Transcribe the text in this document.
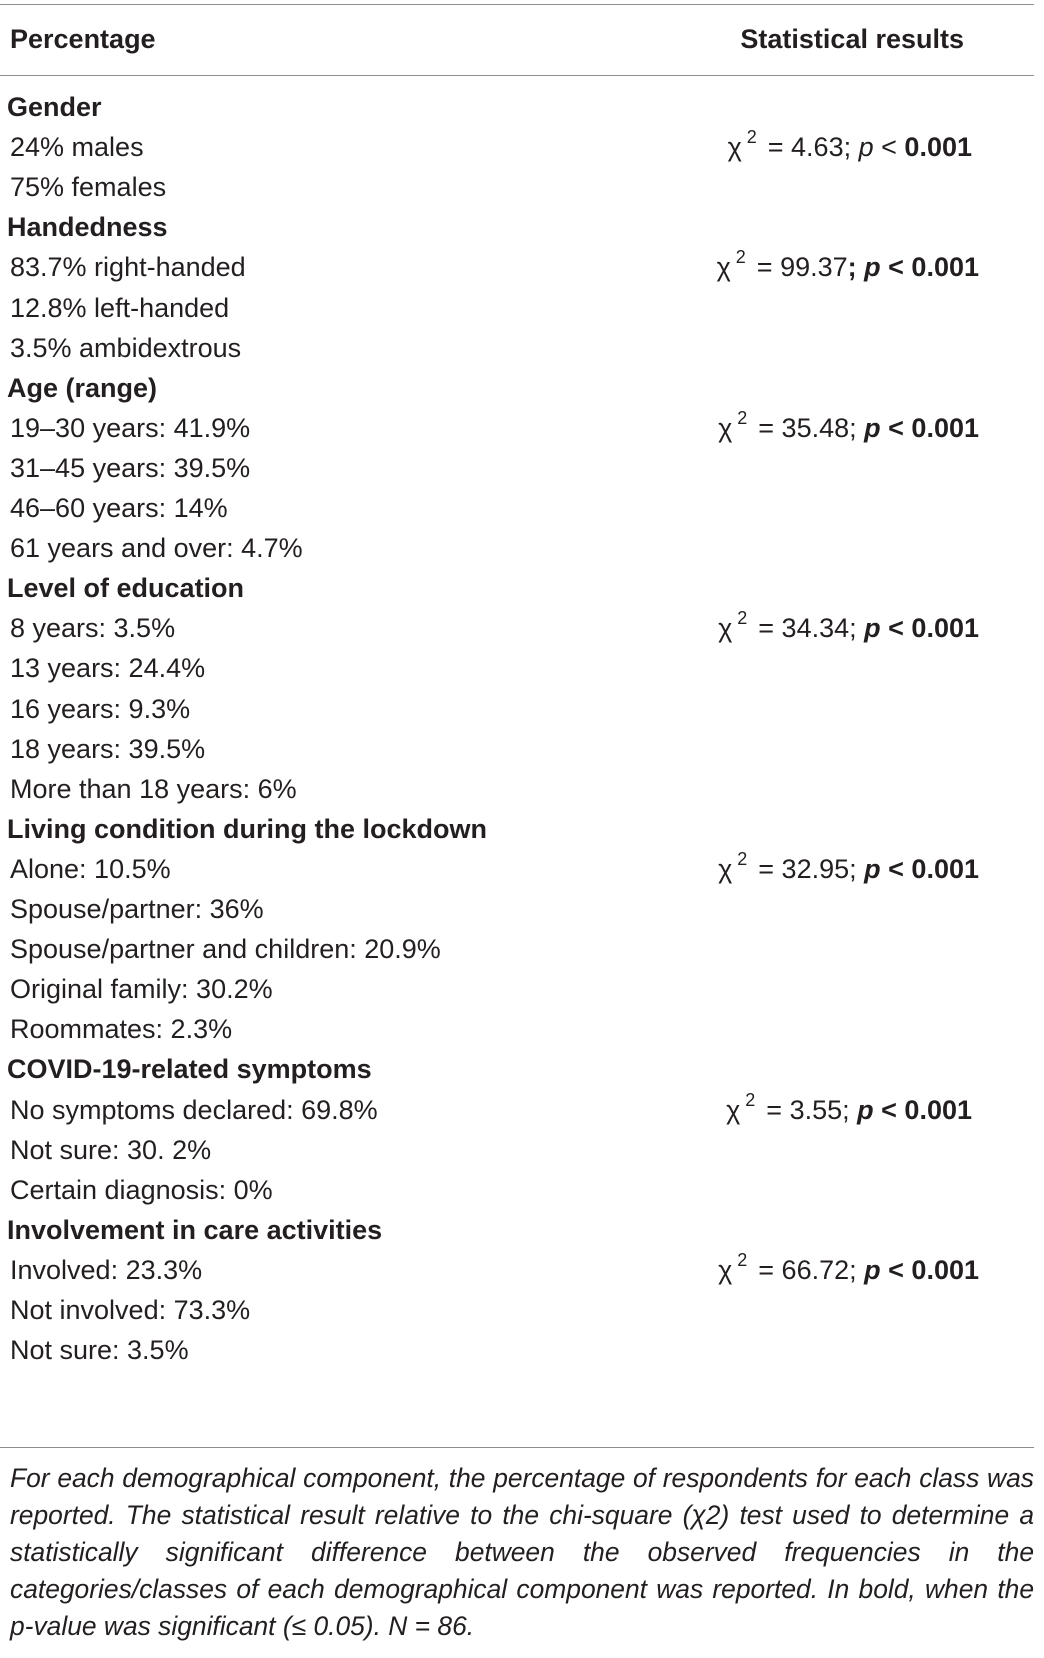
Percentage	Statistical results
Gender
24% males	χ $^2$ = 4.63; p < 0.001
75% females
Handedness
83.7% right-handed	χ $^2$ = 99.37; p < 0.001
12.8% left-handed
3.5% ambidextrous
Age (range)
19–30 years: 41.9%	χ $^2$ = 35.48; p < 0.001
31–45 years: 39.5%
46–60 years: 14%
61 years and over: 4.7%
Level of education
8 years: 3.5%	χ $^2$ = 34.34; p < 0.001
13 years: 24.4%
16 years: 9.3%
18 years: 39.5%
More than 18 years: 6%
Living condition during the lockdown
Alone: 10.5%	χ $^2$ = 32.95; p < 0.001
Spouse/partner: 36%
Spouse/partner and children: 20.9%
Original family: 30.2%
Roommates: 2.3%
COVID-19-related symptoms
No symptoms declared: 69.8%	χ $^2$ = 3.55; p < 0.001
Not sure: 30. 2%
Certain diagnosis: 0%
Involvement in care activities
Involved: 23.3%	χ $^2$ = 66.72; p < 0.001
Not involved: 73.3%
Not sure: 3.5%

For each demographical component, the percentage of respondents for each class was reported. The statistical result relative to the chi-square (χ2) test used to determine a statistically significant difference between the observed frequencies in the categories/classes of each demographical component was reported. In bold, when the p-value was significant (≤ 0.05). N = 86.
